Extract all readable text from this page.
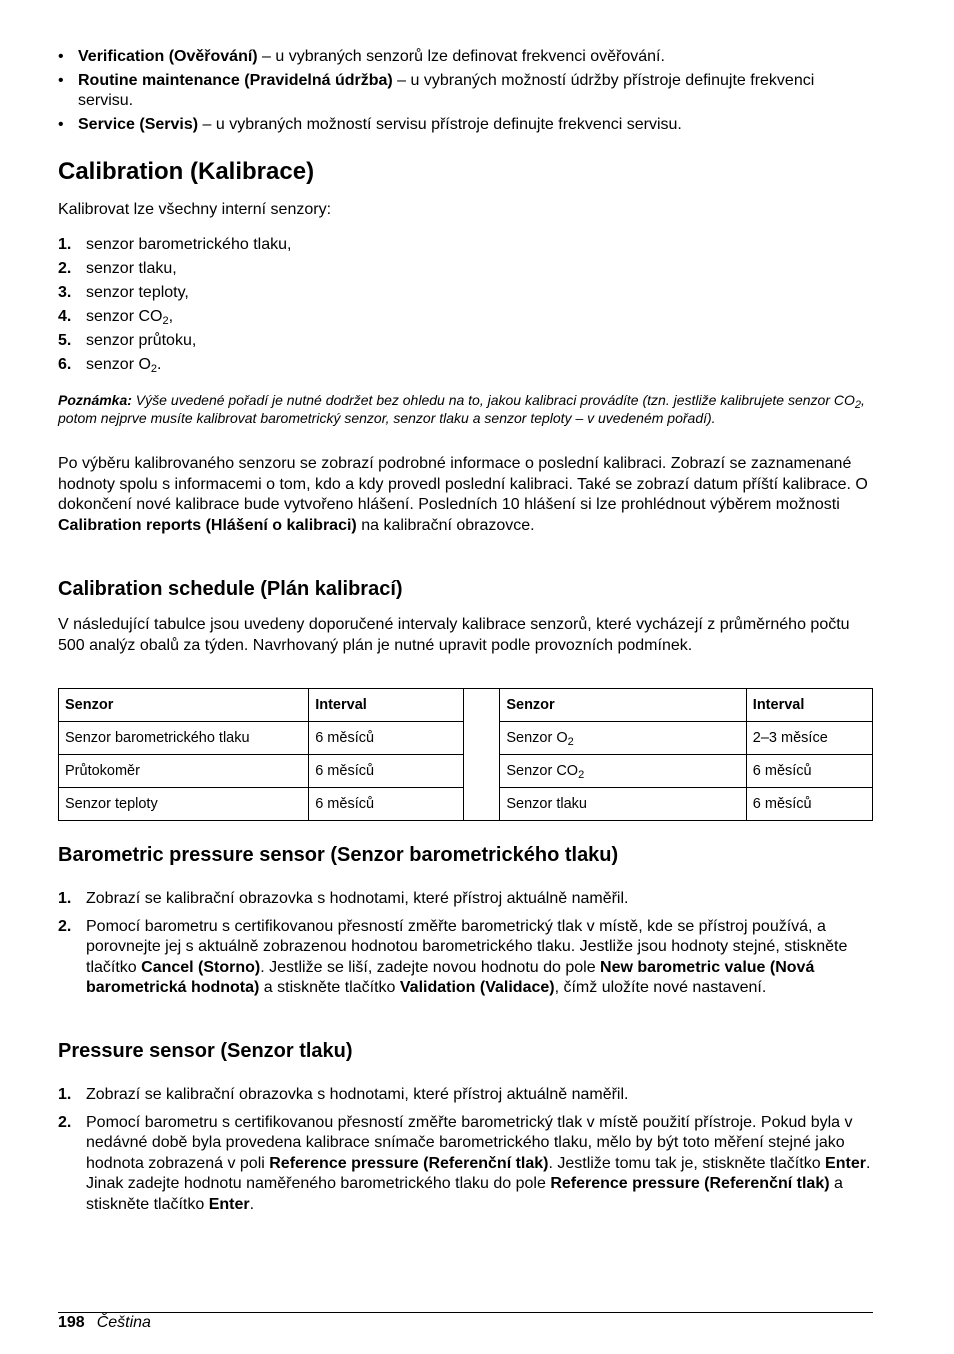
• Verification (Ověřování) – u vybraných senzorů lze definovat frekvenci ověřování.
• Routine maintenance (Pravidelná údržba) – u vybraných možností údržby přístroje definujte frekvenci servisu.
• Service (Servis) – u vybraných možností servisu přístroje definujte frekvenci servisu.
Calibration (Kalibrace)
Kalibrovat lze všechny interní senzory:
1. senzor barometrického tlaku,
2. senzor tlaku,
3. senzor teploty,
4. senzor $CO_2$,
5. senzor průtoku,
6. senzor $O_2$.
Poznámka: Výše uvedené pořadí je nutné dodržet bez ohledu na to, jakou kalibraci provádíte (tzn. jestliže kalibrujete senzor $CO_2$, potom nejprve musíte kalibrovat barometrický senzor, senzor tlaku a senzor teploty – v uvedeném pořadí).
Po výběru kalibrovaného senzoru se zobrazí podrobné informace o poslední kalibraci. Zobrazí se zaznamenané hodnoty spolu s informacemi o tom, kdo a kdy provedl poslední kalibraci. Také se zobrazí datum příští kalibrace. O dokončení nové kalibrace bude vytvořeno hlášení. Posledních 10 hlášení si lze prohlédnout výběrem možnosti Calibration reports (Hlášení o kalibraci) na kalibrační obrazovce.
Calibration schedule (Plán kalibrací)
V následující tabulce jsou uvedeny doporučené intervaly kalibrace senzorů, které vycházejí z průměrného počtu 500 analýz obalů za týden. Navrhovaný plán je nutné upravit podle provozních podmínek.
Senzor	Interval		Senzor	Interval
Senzor barometrického tlaku	6 měsíců		Senzor $O_2$	2–3 měsíce
Průtokoměr	6 měsíců		Senzor $CO_2$	6 měsíců
Senzor teploty	6 měsíců		Senzor tlaku	6 měsíců
Barometric pressure sensor (Senzor barometrického tlaku)
1. Zobrazí se kalibrační obrazovka s hodnotami, které přístroj aktuálně naměřil.
2. Pomocí barometru s certifikovanou přesností změřte barometrický tlak v místě, kde se přístroj používá, a porovnejte jej s aktuálně zobrazenou hodnotou barometrického tlaku. Jestliže jsou hodnoty stejné, stiskněte tlačítko Cancel (Storno). Jestliže se liší, zadejte novou hodnotu do pole New barometric value (Nová barometrická hodnota) a stiskněte tlačítko Validation (Validace), čímž uložíte nové nastavení.
Pressure sensor (Senzor tlaku)
1. Zobrazí se kalibrační obrazovka s hodnotami, které přístroj aktuálně naměřil.
2. Pomocí barometru s certifikovanou přesností změřte barometrický tlak v místě použití přístroje. Pokud byla v nedávné době byla provedena kalibrace snímače barometrického tlaku, mělo by být toto měření stejné jako hodnota zobrazená v poli Reference pressure (Referenční tlak). Jestliže tomu tak je, stiskněte tlačítko Enter. Jinak zadejte hodnotu naměřeného barometrického tlaku do pole Reference pressure (Referenční tlak) a stiskněte tlačítko Enter.
198 Čeština
